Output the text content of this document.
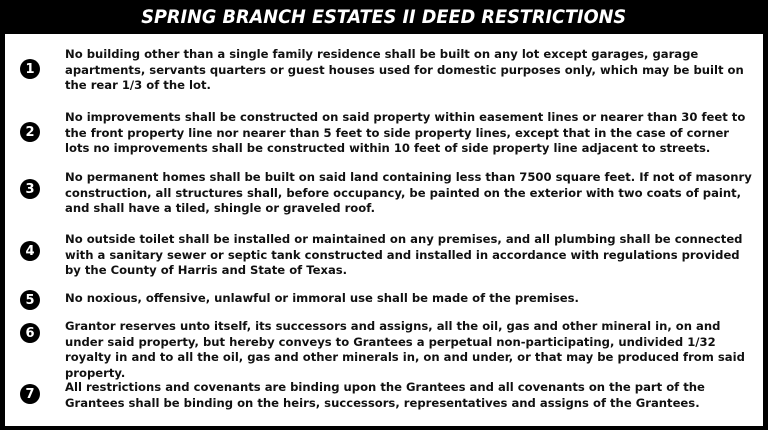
SPRING BRANCH ESTATES II DEED RESTRICTIONS
1
No building other than a single family residence shall be built on any lot except garages, garage apartments, servants quarters or guest houses used for domestic purposes only, which may be built on the rear 1/3 of the lot.
2
No improvements shall be constructed on said property within easement lines or nearer than 30 feet to the front property line nor nearer than 5 feet to side property lines, except that in the case of corner lots no improvements shall be constructed within 10 feet of side property line adjacent to streets.
3
No permanent homes shall be built on said land containing less than 7500 square feet. If not of masonry construction, all structures shall, before occupancy, be painted on the exterior with two coats of paint, and shall have a tiled, shingle or graveled roof.
4
No outside toilet shall be installed or maintained on any premises, and all plumbing shall be connected with a sanitary sewer or septic tank constructed and installed in accordance with regulations provided by the County of Harris and State of Texas.
5	No noxious, offensive, unlawful or immoral use shall be made of the premises.
6	Grantor reserves unto itself, its successors and assigns, all the oil, gas and other mineral in, on and under said property, but hereby conveys to Grantees a perpetual non-participating, undivided 1/32 royalty in and to all the oil, gas and other minerals in, on and under, or that may be produced from said property.
7	All restrictions and covenants are binding upon the Grantees and all covenants on the part of the Grantees shall be binding on the heirs, successors, representatives and assigns of the Grantees.
